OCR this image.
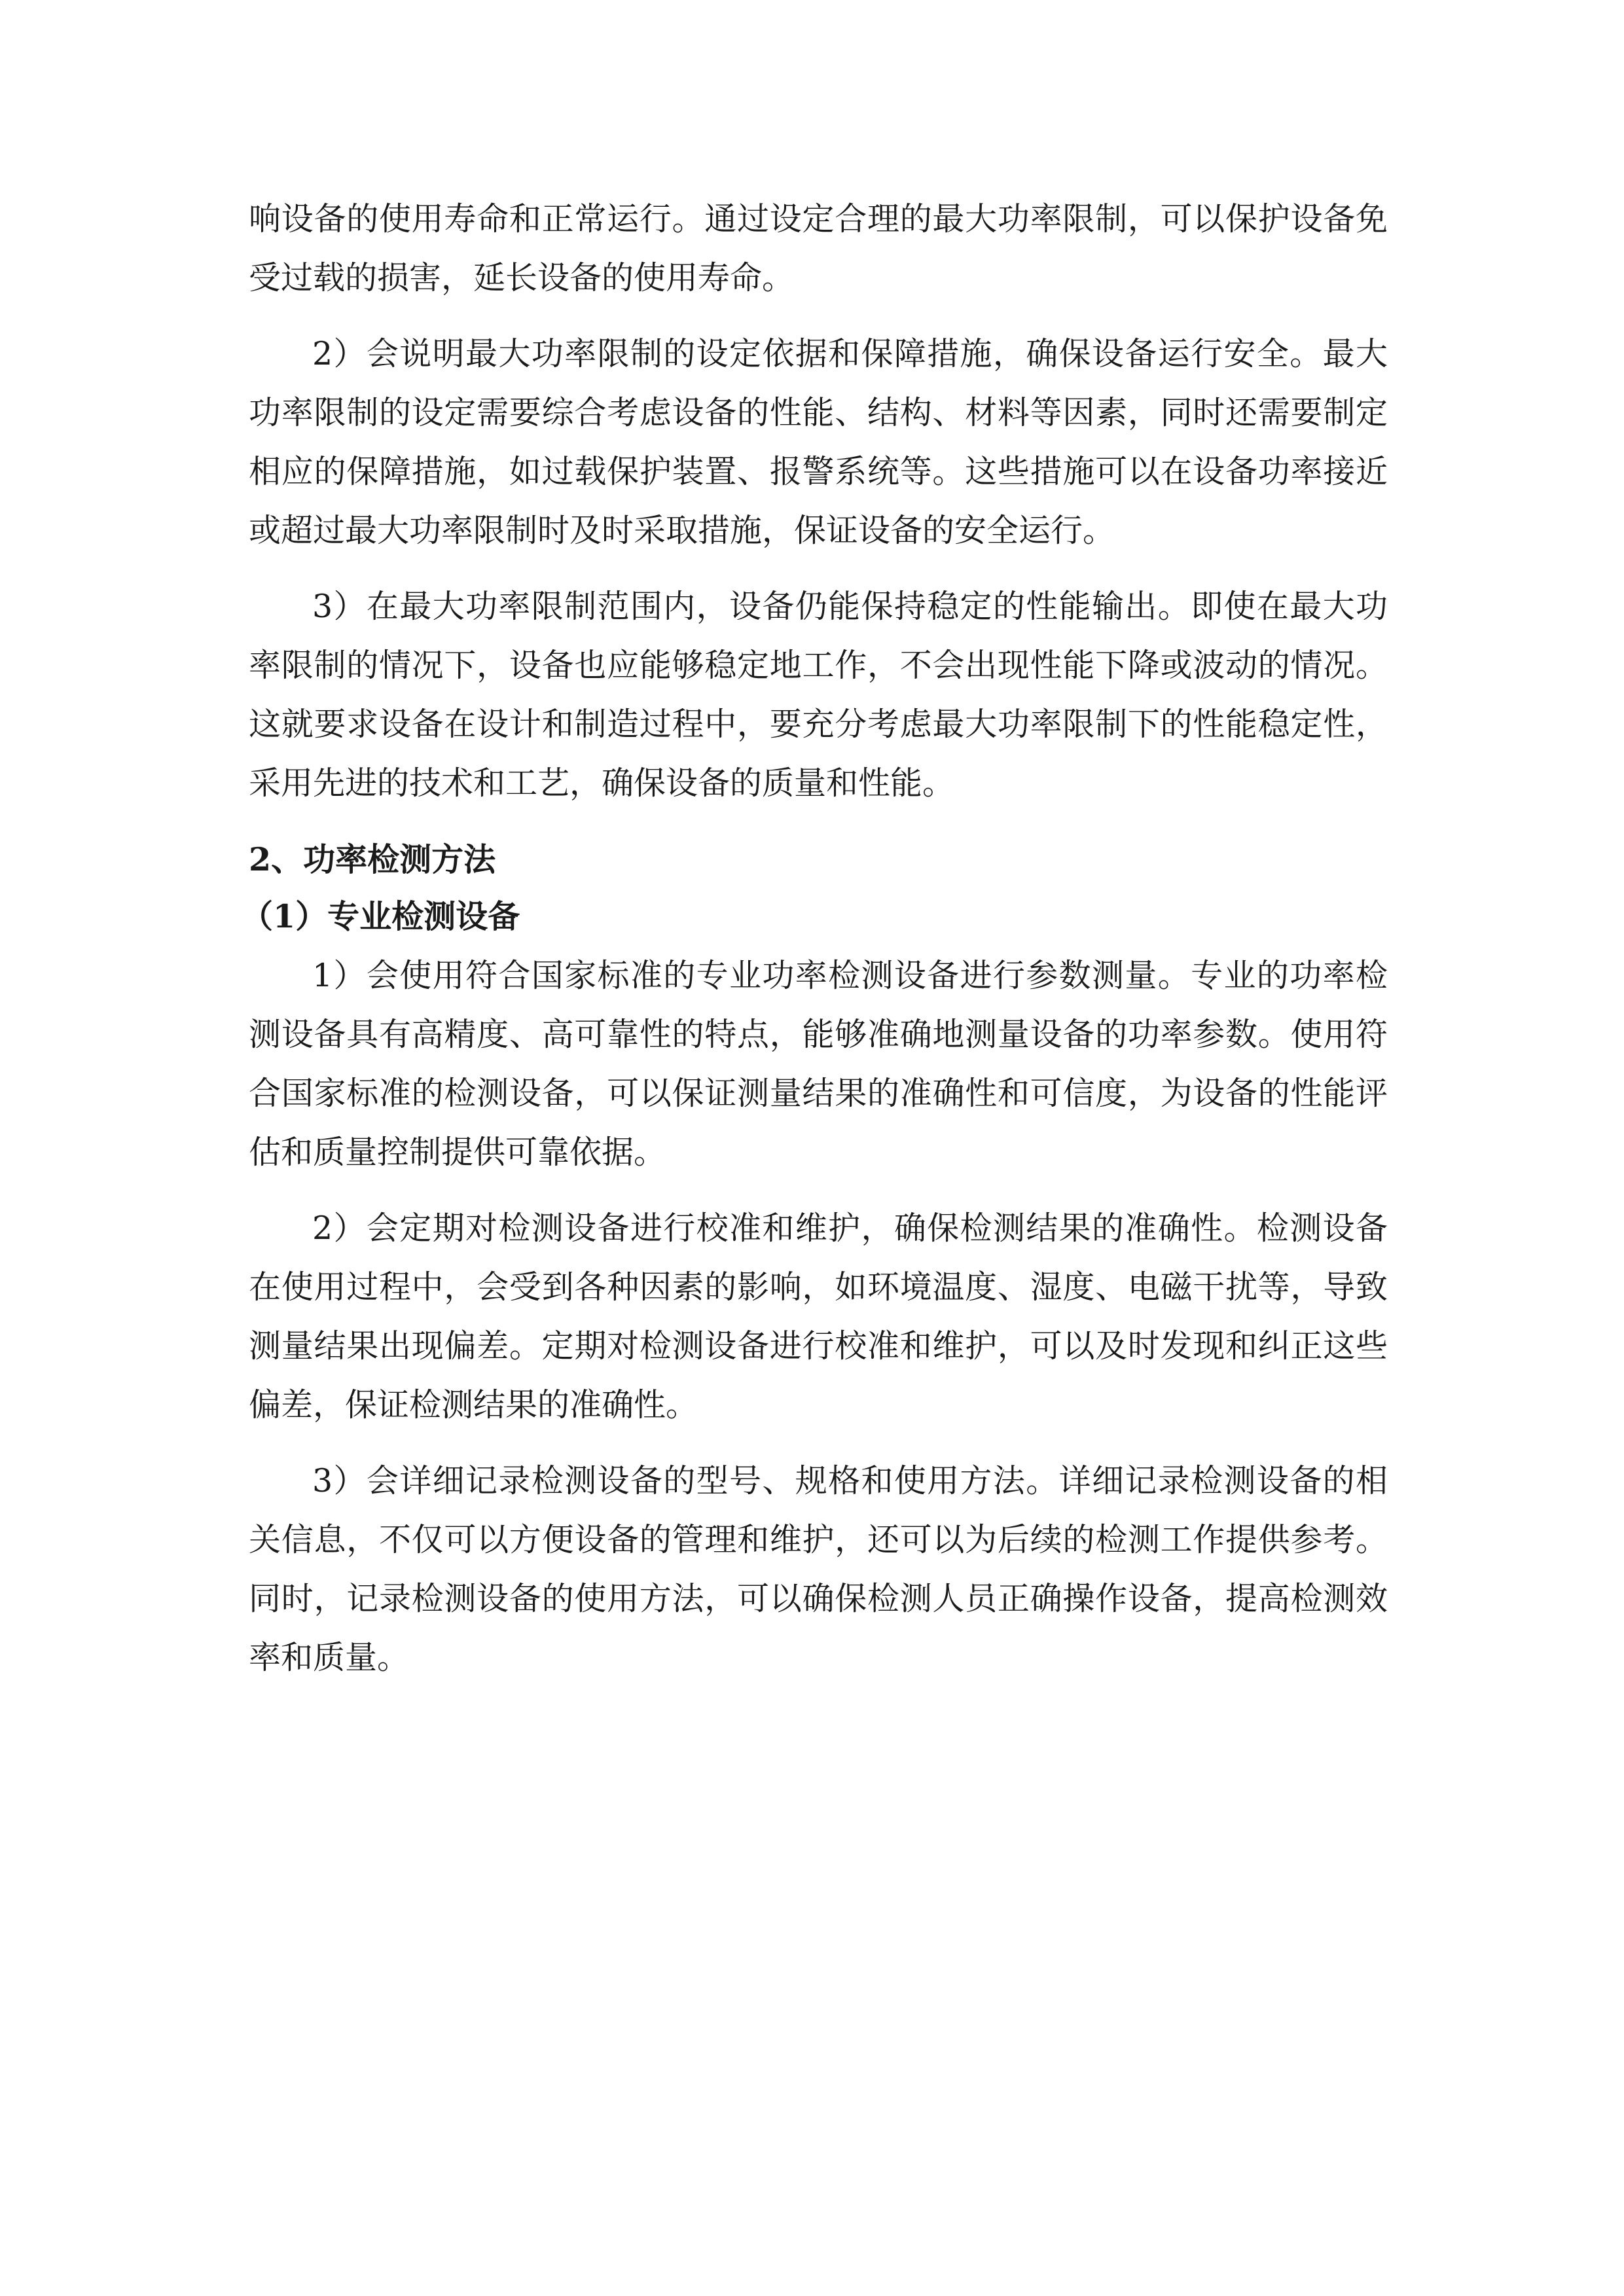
响设备的使用寿命和正常运行。通过设定合理的最大功率限制，可以保护设备免受过载的损害，延长设备的使用寿命。

2）会说明最大功率限制的设定依据和保障措施，确保设备运行安全。最大功率限制的设定需要综合考虑设备的性能、结构、材料等因素，同时还需要制定相应的保障措施，如过载保护装置、报警系统等。这些措施可以在设备功率接近或超过最大功率限制时及时采取措施，保证设备的安全运行。

3）在最大功率限制范围内，设备仍能保持稳定的性能输出。即使在最大功率限制的情况下，设备也应能够稳定地工作，不会出现性能下降或波动的情况。这就要求设备在设计和制造过程中，要充分考虑最大功率限制下的性能稳定性，采用先进的技术和工艺，确保设备的质量和性能。

2、功率检测方法
（1）专业检测设备

1）会使用符合国家标准的专业功率检测设备进行参数测量。专业的功率检测设备具有高精度、高可靠性的特点，能够准确地测量设备的功率参数。使用符合国家标准的检测设备，可以保证测量结果的准确性和可信度，为设备的性能评估和质量控制提供可靠依据。

2）会定期对检测设备进行校准和维护，确保检测结果的准确性。检测设备在使用过程中，会受到各种因素的影响，如环境温度、湿度、电磁干扰等，导致测量结果出现偏差。定期对检测设备进行校准和维护，可以及时发现和纠正这些偏差，保证检测结果的准确性。

3）会详细记录检测设备的型号、规格和使用方法。详细记录检测设备的相关信息，不仅可以方便设备的管理和维护，还可以为后续的检测工作提供参考。同时，记录检测设备的使用方法，可以确保检测人员正确操作设备，提高检测效率和质量。
